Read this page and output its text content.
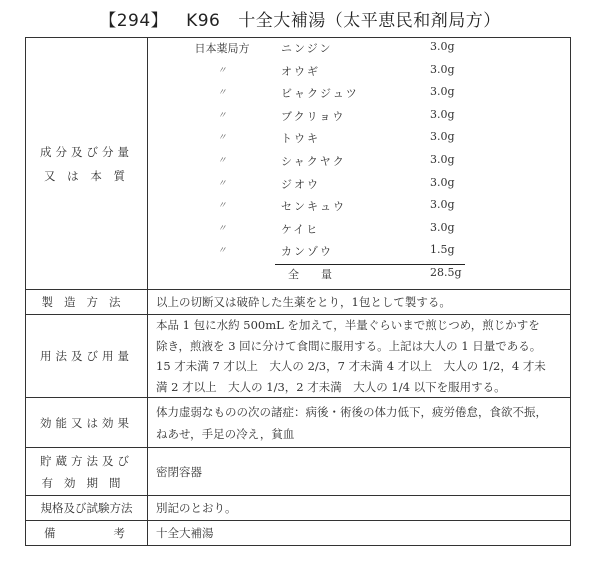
【294】 K96 十全大補湯（太平恵民和剤局方）
成分及び分量
又 は 本 質

日本薬局方	ニンジン	3.0g
〃	オウギ	3.0g
〃	ビャクジュツ	3.0g
〃	ブクリョウ	3.0g
〃	トウキ	3.0g
〃	シャクヤク	3.0g
〃	ジオウ	3.0g
〃	センキュウ	3.0g
〃	ケイヒ	3.0g
〃	カンゾウ	1.5g
全量	28.5g

製造方法	以上の切断又は破砕した生薬をとり，1包として製する。
用法及び用量	本品 1 包に水約 500mL を加えて，半量ぐらいまで煎じつめ，煎じかすを
除き，煎液を 3 回に分けて食間に服用する。上記は大人の 1 日量である。
15 才未満 7 才以上　大人の 2/3，7 才未満 4 才以上　大人の 1/2，4 才未
満 2 才以上　大人の 1/3，2 才未満　大人の 1/4 以下を服用する。

効能又は効果	体力虚弱なものの次の諸症：病後・術後の体力低下，疲労倦怠，食欲不振，
ねあせ，手足の冷え，貧血

貯蔵方法及び
有効期間	密閉容器
規格及び試験方法	別記のとおり。

備 考	十全大補湯
